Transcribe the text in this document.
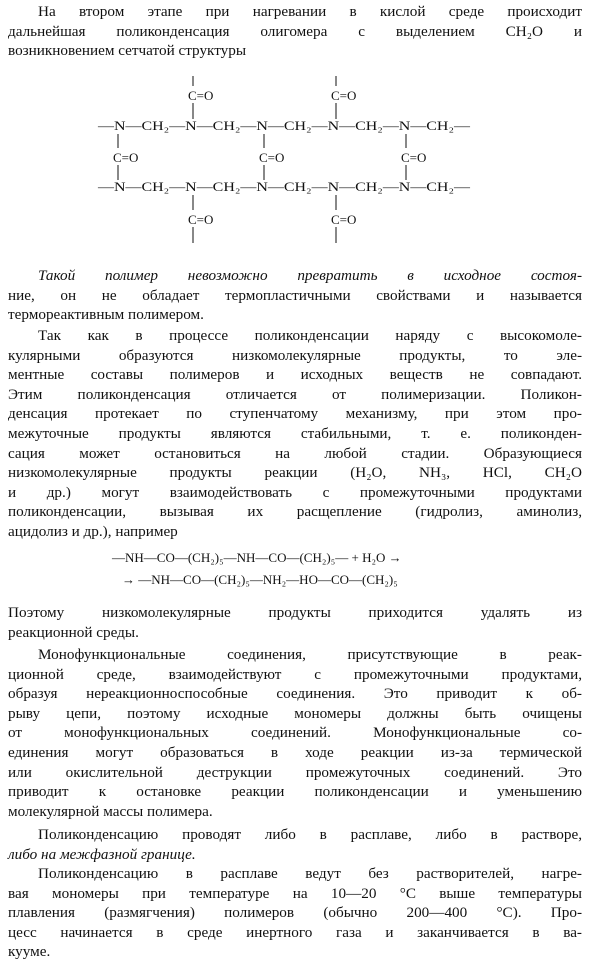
На втором этапе при нагревании в кислой среде происходит
дальнейшая поликонденсация олигомера с выделением CH₂O и
возникновением сетчатой структуры
—N—CH₂—N—CH₂—N—CH₂—N—CH₂—N—CH₂—
—N—CH₂—N—CH₂—N—CH₂—N—CH₂—N—CH₂—
C=O	C=O
C=O	C=O	C=O
C=O	C=O
Такой полимер невозможно превратить в исходное состоя-
ние, он не обладает термопластичными свойствами и называется
термореактивным полимером.
Так как в процессе поликонденсации наряду с высокомоле-
кулярными образуются низкомолекулярные продукты, то эле-
ментные составы полимеров и исходных веществ не совпадают.
Этим поликонденсация отличается от полимеризации. Поликон-
денсация протекает по ступенчатому механизму, при этом про-
межуточные продукты являются стабильными, т. е. поликонден-
сация может остановиться на любой стадии. Образующиеся
низкомолекулярные продукты реакции (H₂O, NH₃, HCl, CH₂O
и др.) могут взаимодействовать с промежуточными продуктами
поликонденсации, вызывая их расщепление (гидролиз, аминолиз,
ацидолиз и др.), например
—NH—CO—(CH₂)₅—NH—CO—(CH₂)₅— + H₂O →
→ —NH—CO—(CH₂)₅—NH₂—HO—CO—(CH₂)₅
Поэтому низкомолекулярные продукты приходится удалять из
реакционной среды.
Монофункциональные соединения, присутствующие в реак-
ционной среде, взаимодействуют с промежуточными продуктами,
образуя нереакционноспособные соединения. Это приводит к об-
рыву цепи, поэтому исходные мономеры должны быть очищены
от монофункциональных соединений. Монофункциональные со-
единения могут образоваться в ходе реакции из-за термической
или окислительной деструкции промежуточных соединений. Это
приводит к остановке реакции поликонденсации и уменьшению
молекулярной массы полимера.
Поликонденсацию проводят либо в расплаве, либо в растворе,
либо на межфазной границе.
Поликонденсацию в расплаве ведут без растворителей, нагре-
вая мономеры при температуре на 10—20 °C выше температуры
плавления (размягчения) полимеров (обычно 200—400 °C). Про-
цесс начинается в среде инертного газа и заканчивается в ва-
кууме.
